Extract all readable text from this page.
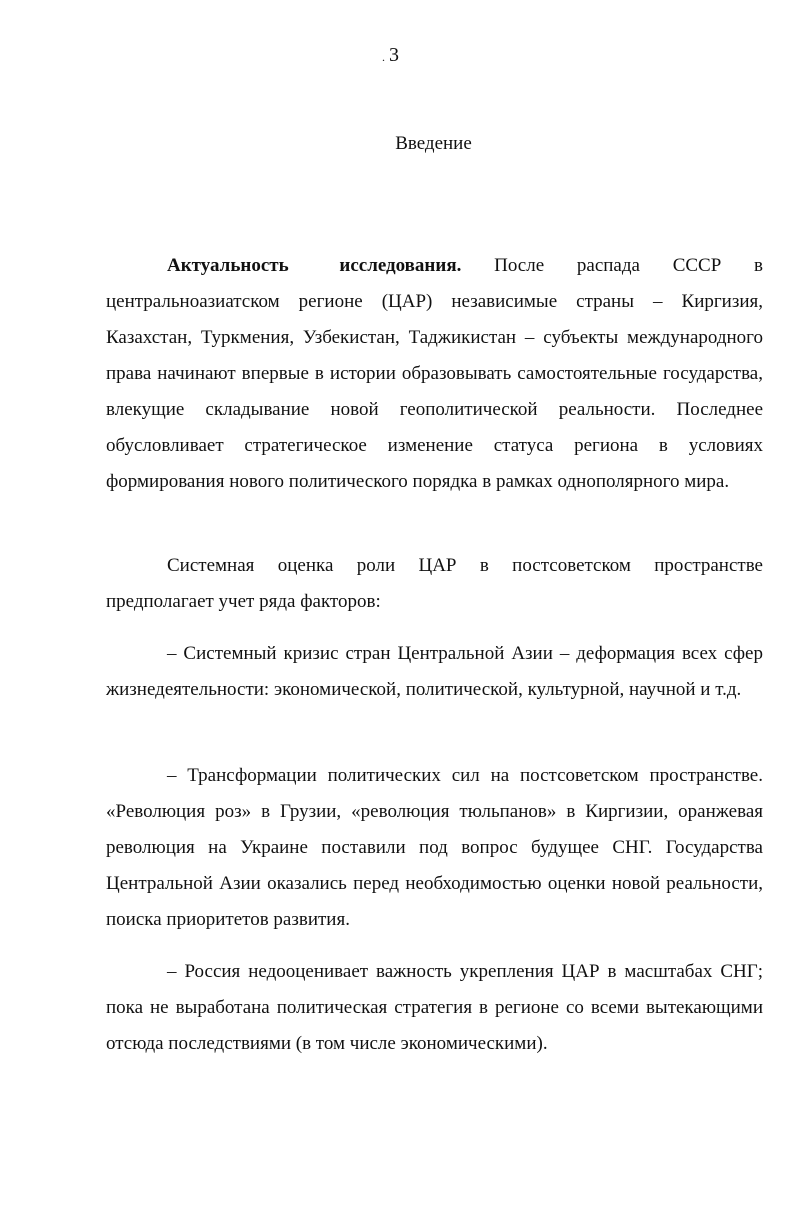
. 3
Введение

Актуальность исследования. После распада СССР в центральноазиатском регионе (ЦАР) независимые страны – Киргизия, Казахстан, Туркмения, Узбекистан, Таджикистан – субъекты международного права начинают впервые в истории образовывать самостоятельные государства, влекущие складывание новой геополитической реальности. Последнее обусловливает стратегическое изменение статуса региона в условиях формирования нового политического порядка в рамках однополярного мира.

Системная оценка роли ЦАР в постсоветском пространстве предполагает учет ряда факторов:

– Системный кризис стран Центральной Азии – деформация всех сфер жизнедеятельности: экономической, политической, культурной, научной и т.д.

– Трансформации политических сил на постсоветском пространстве. «Революция роз» в Грузии, «революция тюльпанов» в Киргизии, оранжевая революция на Украине поставили под вопрос будущее СНГ. Государства Центральной Азии оказались перед необходимостью оценки новой реальности, поиска приоритетов развития.

– Россия недооценивает важность укрепления ЦАР в масштабах СНГ; пока не выработана политическая стратегия в регионе со всеми вытекающими отсюда последствиями (в том числе экономическими).
